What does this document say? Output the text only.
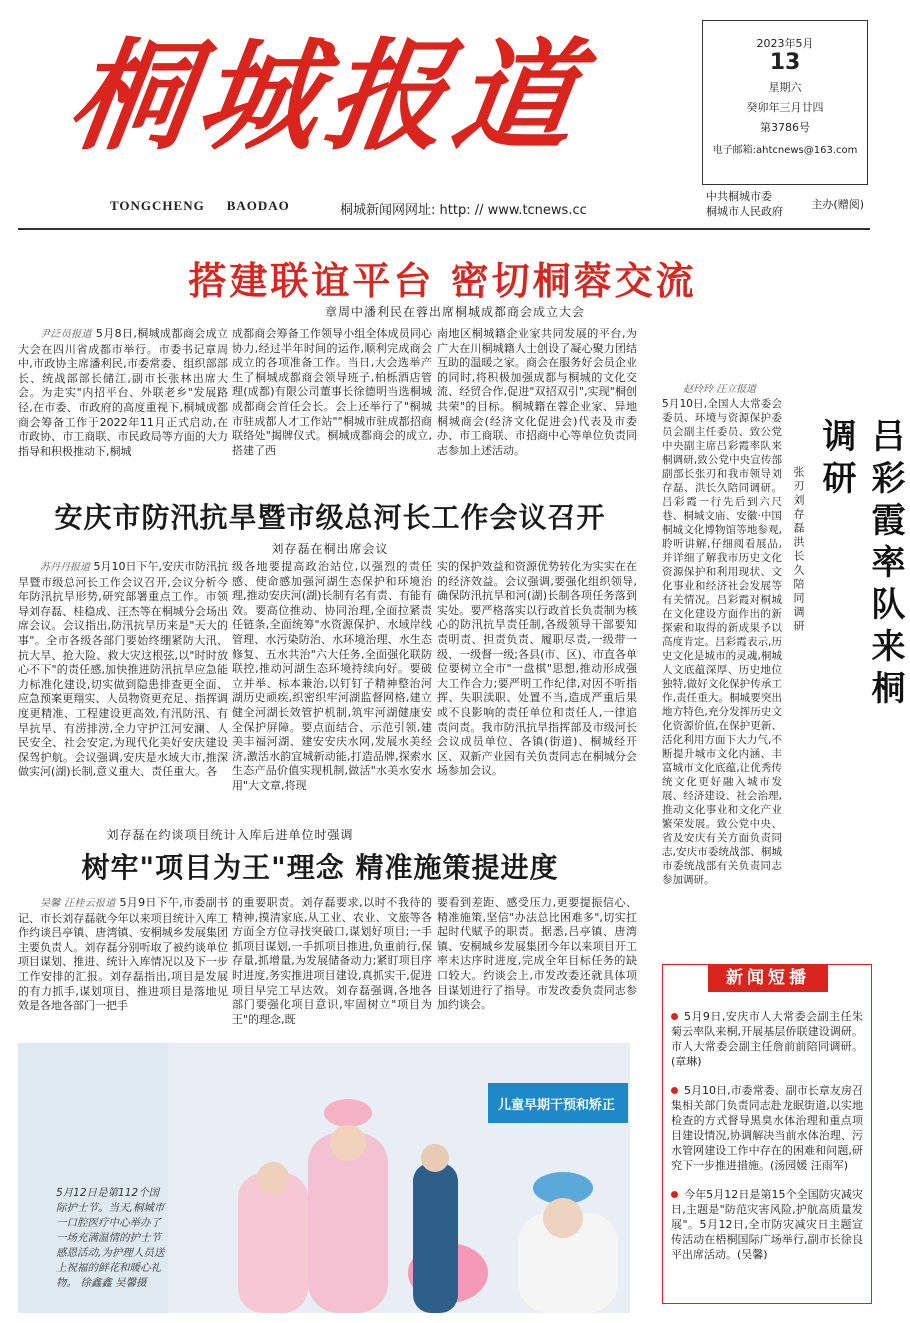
桐城报道
TONGCHENG BAODAO	桐城新闻网网址: http: // www.tcnews.cc
2023年5月
13
星期六
癸卯年三月廿四
第3786号
电子邮箱:ahtcnews@163.com
中共桐城市委
桐城市人民政府
主办(赠阅)
搭建联谊平台 密切桐蓉交流
章周中潘利民在蓉出席桐城成都商会成立大会

尹泛员报道 5月8日,桐城成都商会成立大会在四川省成都市举行。市委书记章周中,市政协主席潘利民,市委常委、组织部部长、统战部部长储江,副市长张林出席大会。为走实"内招平台、外联老乡"发展路径,在市委、市政府的高度重视下,桐城成都商会筹备工作于2022年11月正式启动,在市政协、市工商联、市民政局等方面的大力指导和积极推动下,桐城

成都商会筹备工作领导小组全体成员同心协力,经过半年时间的运作,顺利完成商会成立的各项准备工作。当日,大会选举产生了桐城成都商会领导班子,柏栎酒店管理(成都)有限公司董事长徐德明当选桐城成都商会首任会长。会上还举行了"桐城市驻成都人才工作站""桐城市驻成都招商联络处"揭牌仪式。桐城成都商会的成立,搭建了西
南地区桐城籍企业家共同发展的平台,为广大在川桐城籍人士创设了凝心聚力团结互助的温暖之家。商会在服务好会员企业的同时,将积极加强成都与桐城的文化交流、经贸合作,促进"双招双引",实现"桐创共荣"的目标。桐城籍在蓉企业家、异地桐城商会(经济文化促进会)代表及市委办、市工商联、市招商中心等单位负责同志参加上述活动。
安庆市防汛抗旱暨市级总河长工作会议召开
刘存磊在桐出席会议

苏丹丹报道 5月10日下午,安庆市防汛抗旱暨市级总河长工作会议召开,会议分析今年防汛抗旱形势,研究部署重点工作。市领导刘存磊、桂稳成、汪杰等在桐城分会场出席会议。会议指出,防汛抗旱历来是"天大的事"。全市各级各部门要始终绷紧防大汛、抗大旱、抢大险、救大灾这根弦,以"时时放心不下"的责任感,加快推进防汛抗旱应急能力标准化建设,切实做到隐患排查更全面、应急预案更翔实、人员物资更充足、指挥调度更精准、工程建设更高效,有汛防汛、有旱抗旱、有涝排涝,全力守护江河安澜、人民安全、社会安定,为现代化美好安庆建设保驾护航。会议强调,安庆是水域大市,推深做实河(湖)长制,意义重大、责任重大。各

级各地要提高政治站位,以强烈的责任感、使命感加强河湖生态保护和环境治理,推动安庆河(湖)长制有名有责、有能有效。要高位推动、协同治理,全面拉紧责任链条,全面统筹"水资源保护、水域岸线管理、水污染防治、水环境治理、水生态修复、五水共治"六大任务,全面强化联防联控,推动河湖生态环境持续向好。要破立并举、标本兼治,以钉钉子精神整治河湖历史顽疾,织密织牢河湖监督网格,建立健全河湖长效管护机制,筑牢河湖健康安全保护屏障。要点面结合、示范引领,建美丰福河湖、建安安庆水网,发展水美经济,激活水韵宜城新动能,打造品牌,探索水生态产品价值实现机制,做活"水美水安水用"大文章,将现
实的保护效益和资源优势转化为实实在在的经济效益。会议强调,要强化组织领导,确保防汛抗旱和河(湖)长制各项任务落到实处。要严格落实以行政首长负责制为核心的防汛抗旱责任制,各级领导干部要知责明责、担责负责、履职尽责,一级带一级、一级督一级;各县(市、区)、市直各单位要树立全市"一盘棋"思想,推动形成强大工作合力;要严明工作纪律,对因不听指挥、失职渎职、处置不当,造成严重后果或不良影响的责任单位和责任人,一律追责问责。我市防汛抗旱指挥部及市级河长会议成员单位、各镇(街道)、桐城经开区、双新产业园有关负责同志在桐城分会场参加会议。
刘存磊在约谈项目统计入库后进单位时强调
树牢"项目为王"理念 精准施策提进度

吴馨 汪桂云报道 5月9日下午,市委副书记、市长刘存磊就今年以来项目统计入库工作约谈吕亭镇、唐湾镇、安桐城乡发展集团主要负责人。刘存磊分别听取了被约谈单位项目谋划、推进、统计入库情况以及下一步工作安排的汇报。刘存磊指出,项目是发展的有力抓手,谋划项目、推进项目是落地见效是各地各部门一把手

的重要职责。刘存磊要求,以时不我待的精神,摸清家底,从工业、农业、文旅等各方面全方位寻找突破口,谋划好项目;一手抓项目谋划,一手抓项目推进,负重前行,保存量,抓增量,为发展储备动力;紧盯项目序时进度,务实推进项目建设,真抓实干,促进项目早完工早达效。刘存磊强调,各地各部门要强化项目意识,牢固树立"项目为王"的理念,既
要看到差距、感受压力,更要提振信心、精准施策,坚信"办法总比困难多",切实扛起时代赋予的职责。据悉,吕亭镇、唐湾镇、安桐城乡发展集团今年以来项目开工率未达序时进度,完成全年目标任务的缺口较大。约谈会上,市发改委还就具体项目谋划进行了指导。市发改委负责同志参加约谈会。

赵玲玲 汪立报道
5月10日,全国人大常委会委员、环境与资源保护委员会副主任委员、致公党中央副主席吕彩霞率队来桐调研,致公党中央宣传部副部长张刃和我市领导刘存磊、洪长久陪同调研。吕彩霞一行先后到六尺巷、桐城文庙、安徽·中国桐城文化博物馆等地参观,聆听讲解,仔细阅看展品,并详细了解我市历史文化资源保护和利用现状、文化事业和经济社会发展等有关情况。吕彩霞对桐城在文化建设方面作出的新探索和取得的新成果予以高度肯定。吕彩霞表示,历史文化是城市的灵魂,桐城人文底蕴深厚、历史地位独特,做好文化保护传承工作,责任重大。桐城要突出地方特色,充分发挥历史文化资源价值,在保护更新、活化利用方面下大力气,不断提升城市文化内涵、丰富城市文化底蕴,让优秀传统文化更好融入城市发展、经济建设、社会治理,推动文化事业和文化产业繁荣发展。致公党中央、省及安庆有关方面负责同志,安庆市委统战部、桐城市委统战部有关负责同志参加调研。

吕彩霞率队来桐调研
张刃刘存磊洪长久陪同调研
儿童早期干预和矫正
5月12日是第112个国际护士节。当天,桐城市一口腔医疗中心举办了一场充满温情的护士节感恩活动,为护理人员送上祝福的鲜花和暖心礼物。 徐鑫鑫 吴馨摄
新闻短播
5月9日,安庆市人大常委会副主任朱菊云率队来桐,开展基层侨联建设调研。市人大常委会副主任詹前前陪同调研。(章琳)
5月10日,市委常委、副市长章友房召集相关部门负责同志赴龙眠街道,以实地检查的方式督导黑臭水体治理和重点项目建设情况,协调解决当前水体治理、污水管网建设工作中存在的困难和问题,研究下一步推进措施。(汤园媛 汪雨军)
今年5月12日是第15个全国防灾减灾日,主题是"防范灾害风险,护航高质量发展"。5月12日,全市防灾减灾日主题宣传活动在梧桐国际广场举行,副市长徐良平出席活动。(吴馨)
